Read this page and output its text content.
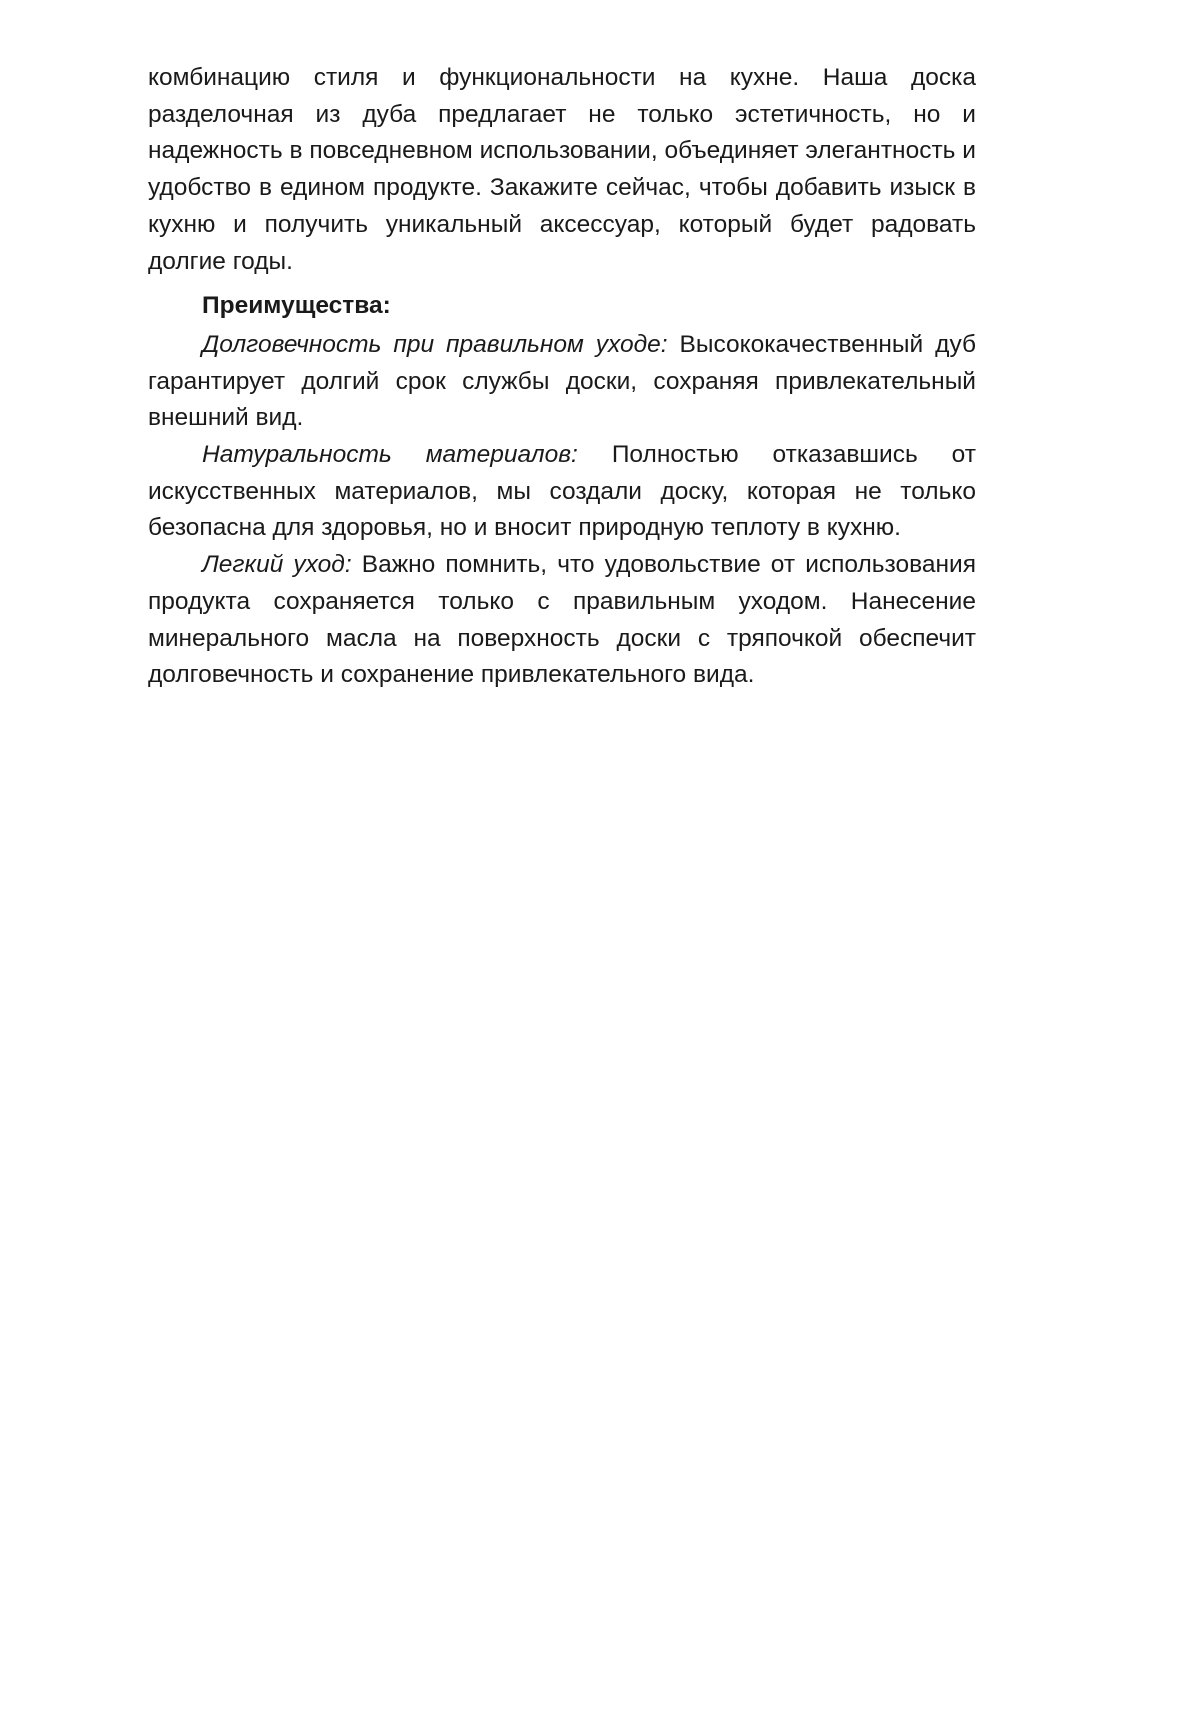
комбинацию стиля и функциональности на кухне. Наша доска разделочная из дуба предлагает не только эстетичность, но и надежность в повседневном использовании, объединяет элегантность и удобство в едином продукте. Закажите сейчас, чтобы добавить изыск в кухню и получить уникальный аксессуар, который будет радовать долгие годы.

Преимущества:

Долговечность при правильном уходе: Высококачественный дуб гарантирует долгий срок службы доски, сохраняя привлекательный внешний вид.

Натуральность материалов: Полностью отказавшись от искусственных материалов, мы создали доску, которая не только безопасна для здоровья, но и вносит природную теплоту в кухню.

Легкий уход: Важно помнить, что удовольствие от использования продукта сохраняется только с правильным уходом. Нанесение минерального масла на поверхность доски с тряпочкой обеспечит долговечность и сохранение привлекательного вида.
